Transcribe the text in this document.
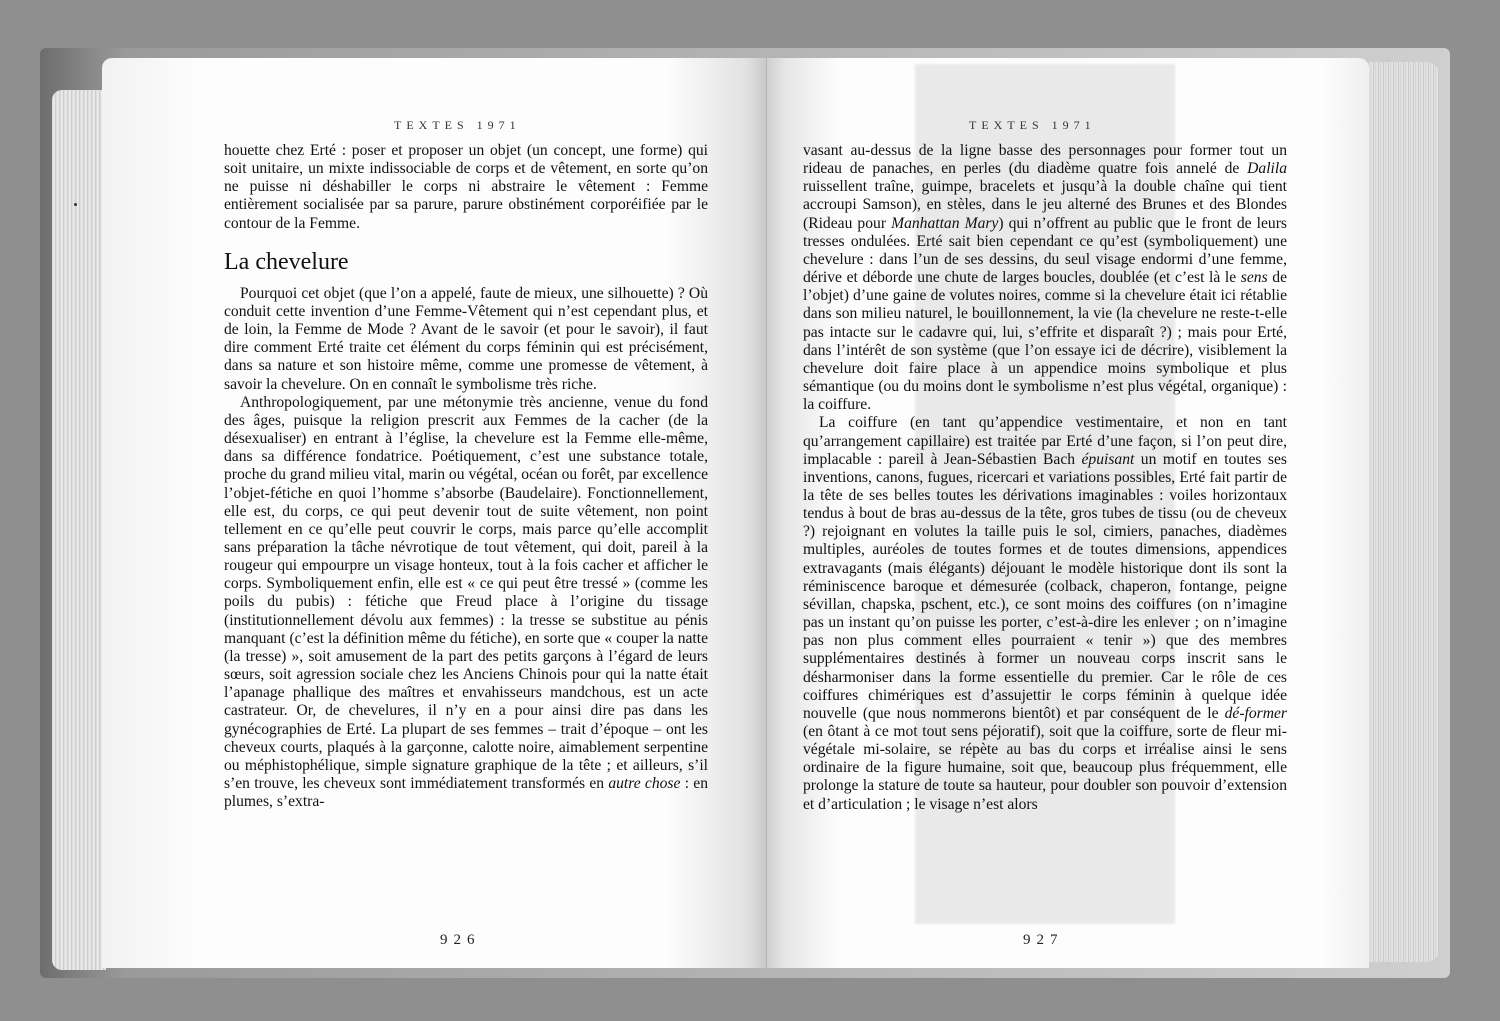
TEXTES 1971

houette chez Erté : poser et proposer un objet (un concept, une forme) qui soit unitaire, un mixte indissociable de corps et de vêtement, en sorte qu’on ne puisse ni déshabiller le corps ni abstraire le vêtement : Femme entièrement socialisée par sa parure, parure obstinément corporéifiée par le contour de la Femme.

La chevelure

Pourquoi cet objet (que l’on a appelé, faute de mieux, une silhouette) ? Où conduit cette invention d’une Femme-Vêtement qui n’est cependant plus, et de loin, la Femme de Mode ? Avant de le savoir (et pour le savoir), il faut dire comment Erté traite cet élément du corps féminin qui est précisément, dans sa nature et son histoire même, comme une promesse de vêtement, à savoir la chevelure. On en connaît le symbolisme très riche.

Anthropologiquement, par une métonymie très ancienne, venue du fond des âges, puisque la religion prescrit aux Femmes de la cacher (de la désexualiser) en entrant à l’église, la chevelure est la Femme elle-même, dans sa différence fondatrice. Poétiquement, c’est une substance totale, proche du grand milieu vital, marin ou végétal, océan ou forêt, par excellence l’objet-fétiche en quoi l’homme s’absorbe (Baudelaire). Fonctionnellement, elle est, du corps, ce qui peut devenir tout de suite vêtement, non point tellement en ce qu’elle peut couvrir le corps, mais parce qu’elle accomplit sans préparation la tâche névrotique de tout vêtement, qui doit, pareil à la rougeur qui empourpre un visage honteux, tout à la fois cacher et afficher le corps. Symboliquement enfin, elle est « ce qui peut être tressé » (comme les poils du pubis) : fétiche que Freud place à l’origine du tissage (institutionnellement dévolu aux femmes) : la tresse se substitue au pénis manquant (c’est la définition même du fétiche), en sorte que « couper la natte (la tresse) », soit amusement de la part des petits garçons à l’égard de leurs sœurs, soit agression sociale chez les Anciens Chinois pour qui la natte était l’apanage phallique des maîtres et envahisseurs mandchous, est un acte castrateur. Or, de chevelures, il n’y en a pour ainsi dire pas dans les gynécographies de Erté. La plupart de ses femmes – trait d’époque – ont les cheveux courts, plaqués à la garçonne, calotte noire, aimablement serpentine ou méphistophélique, simple signature graphique de la tête ; et ailleurs, s’il s’en trouve, les cheveux sont immédiatement transformés en autre chose : en plumes, s’extra-

926
TEXTES 1971

vasant au-dessus de la ligne basse des personnages pour former tout un rideau de panaches, en perles (du diadème quatre fois annelé de Dalila ruissellent traîne, guimpe, bracelets et jusqu’à la double chaîne qui tient accroupi Samson), en stèles, dans le jeu alterné des Brunes et des Blondes (Rideau pour Manhattan Mary) qui n’offrent au public que le front de leurs tresses ondulées. Erté sait bien cependant ce qu’est (symboliquement) une chevelure : dans l’un de ses dessins, du seul visage endormi d’une femme, dérive et déborde une chute de larges boucles, doublée (et c’est là le sens de l’objet) d’une gaine de volutes noires, comme si la chevelure était ici rétablie dans son milieu naturel, le bouillonnement, la vie (la chevelure ne reste-t-elle pas intacte sur le cadavre qui, lui, s’effrite et disparaît ?) ; mais pour Erté, dans l’intérêt de son système (que l’on essaye ici de décrire), visiblement la chevelure doit faire place à un appendice moins symbolique et plus sémantique (ou du moins dont le symbolisme n’est plus végétal, organique) : la coiffure.

La coiffure (en tant qu’appendice vestimentaire, et non en tant qu’arrangement capillaire) est traitée par Erté d’une façon, si l’on peut dire, implacable : pareil à Jean-Sébastien Bach épuisant un motif en toutes ses inventions, canons, fugues, ricercari et variations possibles, Erté fait partir de la tête de ses belles toutes les dérivations imaginables : voiles horizontaux tendus à bout de bras au-dessus de la tête, gros tubes de tissu (ou de cheveux ?) rejoignant en volutes la taille puis le sol, cimiers, panaches, diadèmes multiples, auréoles de toutes formes et de toutes dimensions, appendices extravagants (mais élégants) déjouant le modèle historique dont ils sont la réminiscence baroque et démesurée (colback, chaperon, fontange, peigne sévillan, chapska, pschent, etc.), ce sont moins des coiffures (on n’imagine pas un instant qu’on puisse les porter, c’est-à-dire les enlever ; on n’imagine pas non plus comment elles pourraient « tenir ») que des membres supplémentaires destinés à former un nouveau corps inscrit sans le désharmoniser dans la forme essentielle du premier. Car le rôle de ces coiffures chimériques est d’assujettir le corps féminin à quelque idée nouvelle (que nous nommerons bientôt) et par conséquent de le dé-former (en ôtant à ce mot tout sens péjoratif), soit que la coiffure, sorte de fleur mi-végétale mi-solaire, se répète au bas du corps et irréalise ainsi le sens ordinaire de la figure humaine, soit que, beaucoup plus fréquemment, elle prolonge la stature de toute sa hauteur, pour doubler son pouvoir d’extension et d’articulation ; le visage n’est alors

927
